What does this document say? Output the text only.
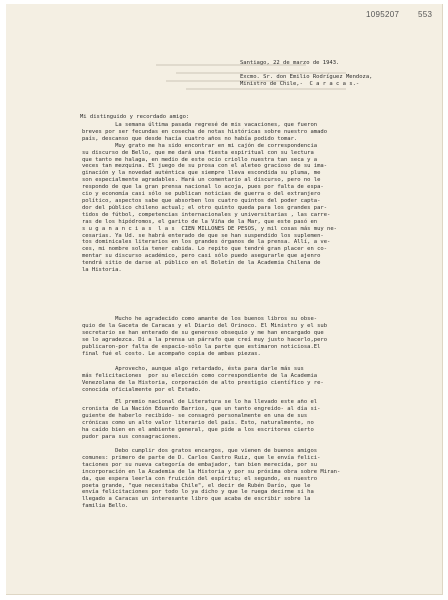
1095207 553
Santiago, 22 de marzo de 1943.
Excmo. Sr. don Emilio Rodríguez Mendoza,
Ministro de Chile,-  C a r a c a s.-
Mi distinguido y recordado amigo:
La semana última pasada regresé de mis vacaciones, que fueron
breves por ser fecundas en cosecha de notas históricas sobre nuestro amado
país, descanso que desde hacía cuatro años no había podido tomar.
Muy grato me ha sido encontrar en mi cajón de correspondencia
su discurso de Bello, que me dará una fiesta espiritual con su lectura
que tanto me halaga, en medio de este ocio criollo nuestra tan seca y a
veces tan mezquina. El juego de su prosa con el aleteo gracioso de su ima-
ginación y la novedad auténtica que siempre lleva escondida su pluma, me
son especialmente agradables. Hará un comentario al discurso, pero no le
respondo de que la gran prensa nacional lo acoja, pues por falta de espa-
cio y economía casi sólo se publican noticias de guerra o del extranjero
político, aspectos sabe que absorben los cuatro quintos del poder capta-
dor del público chileno actual; el otro quinto queda para los grandes par-
tidos de fútbol, competencias internacionales y universitarias , las carre-
ras de los hipódromos, el garito de la Viña de la Mar, que este pasó en
s u g a n a n c i a s  l a s  CIEN MILLONES DE PESOS, y mil cosas más muy ne-
cesarias. Ya Ud. se habrá enterado de que se han suspendido los suplemen-
tos dominicales literarios en los grandes órganos de la prensa. Allí, a ve-
ces, mi nombre solía tener cabida. Lo repito que tendré gran placer en co-
mentar su discurso académico, pero casi sólo puedo asegurarle que ajenro
tendrá sitio de darse al público en el Boletín de la Academia Chilena de
la Historia.
Mucho he agradecido como amante de los buenos libros su obse-
quio de la Gaceta de Caracas y el Diario del Orinoco. El Ministro y el sub
secretario se han enterado de su generoso obsequio y me han encargado que
se lo agradezca. Di a la prensa un párrafo que creí muy justo hacerlo,pero
publicaron-por falta de espacio-sólo la parte que estimaron noticiosa.El
final fué el costo. Le acompaño copia de ambas piezas.
Aprovecho, aunque algo retardado, ésta para darle más sus
más felicitaciones  por su elección como correspondiente de la Academia
Venezolana de la Historia, corporación de alto prestigio científico y re-
conocida oficialmente por el Estado.
El premio nacional de Literatura se lo ha llevado este año el
cronista de La Nación Eduardo Barrios, que un tanto engreído- al día si-
guiente de haberlo recibido- se consagró personalmente en una de sus
crónicas como un alto valor literario del país. Esto, naturalmente, no
ha caído bien en el ambiente general, que pide a los escritores cierto
pudor para sus consagraciones.
Debo cumplir dos gratos encargos, que vienen de buenos amigos
comunes: primero de parte de D. Carlos Castro Ruiz, que le envía felici-
taciones por su nueva categoría de embajador, tan bien merecida, por su
incorporación en la Academia de la Historia y por su próxima obra sobre Miran-
da, que espera leerla con fruición del espíritu; el segundo, es nuestro
poeta grande, "que necesitaba Chile", el decir de Rubén Darío, que le
envía felicitaciones por todo lo ya dicho y que le ruega decirme si ha
llegado a Caracas un interesante libro que acaba de escribir sobre la
familia Bello.
